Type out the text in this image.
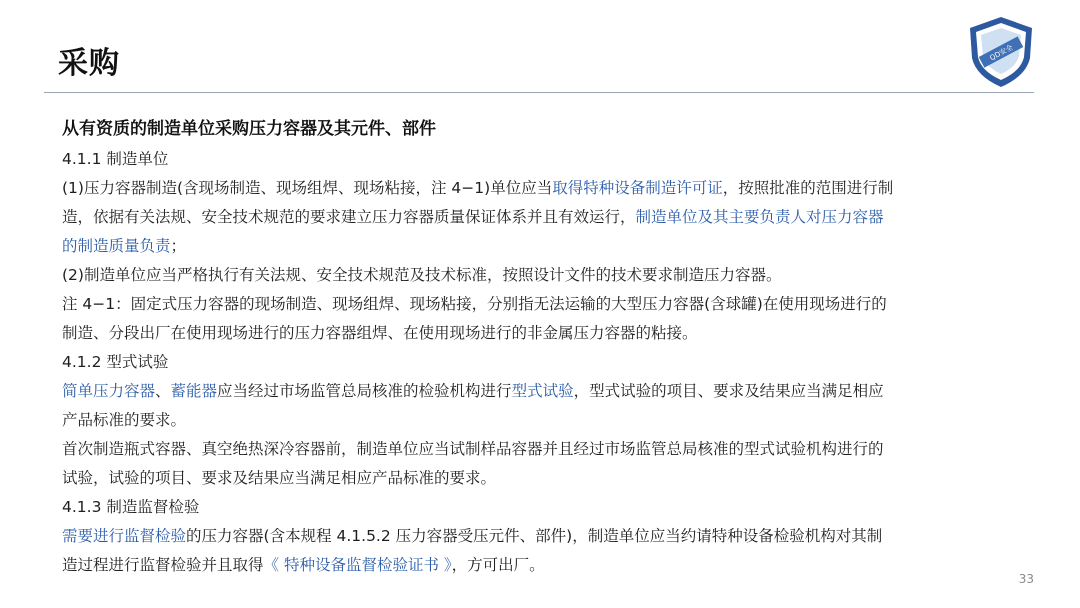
采购	QD安全
从有资质的制造单位采购压力容器及其元件、部件
4.1.1 制造单位
(1)压力容器制造(含现场制造、现场组焊、现场粘接，注 4−1)单位应当取得特种设备制造许可证，按照批准的范围进行制
造，依据有关法规、安全技术规范的要求建立压力容器质量保证体系并且有效运行，制造单位及其主要负责人对压力容器
的制造质量负责；
(2)制造单位应当严格执行有关法规、安全技术规范及技术标准，按照设计文件的技术要求制造压力容器。
注 4−1：固定式压力容器的现场制造、现场组焊、现场粘接，分别指无法运输的大型压力容器(含球罐)在使用现场进行的
制造、分段出厂在使用现场进行的压力容器组焊、在使用现场进行的非金属压力容器的粘接。
4.1.2 型式试验
简单压力容器、蓄能器应当经过市场监管总局核准的检验机构进行型式试验，型式试验的项目、要求及结果应当满足相应
产品标准的要求。
首次制造瓶式容器、真空绝热深冷容器前，制造单位应当试制样品容器并且经过市场监管总局核准的型式试验机构进行的
试验，试验的项目、要求及结果应当满足相应产品标准的要求。
4.1.3 制造监督检验
需要进行监督检验的压力容器(含本规程 4.1.5.2 压力容器受压元件、部件)，制造单位应当约请特种设备检验机构对其制
造过程进行监督检验并且取得《 特种设备监督检验证书 》，方可出厂。
33
